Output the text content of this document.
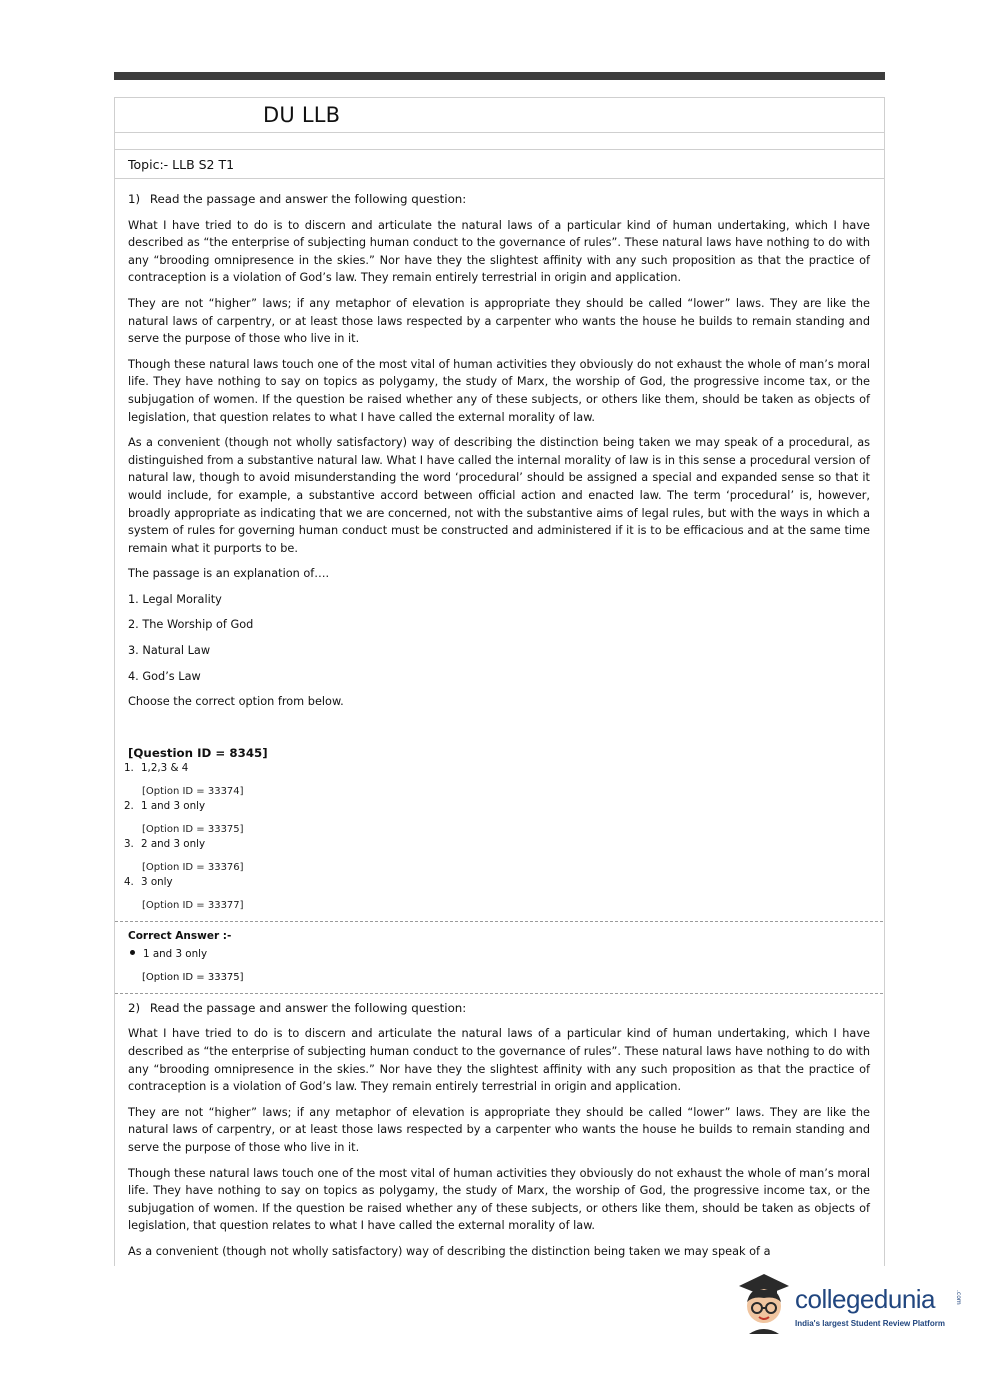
DU LLB
Topic:- LLB S2 T1
1) Read the passage and answer the following question:

What I have tried to do is to discern and articulate the natural laws of a particular kind of human undertaking, which I have described as “the enterprise of subjecting human conduct to the governance of rules”. These natural laws have nothing to do with any “brooding omnipresence in the skies.” Nor have they the slightest affinity with any such proposition as that the practice of contraception is a violation of God’s law. They remain entirely terrestrial in origin and application.

They are not “higher” laws; if any metaphor of elevation is appropriate they should be called “lower” laws. They are like the natural laws of carpentry, or at least those laws respected by a carpenter who wants the house he builds to remain standing and serve the purpose of those who live in it.

Though these natural laws touch one of the most vital of human activities they obviously do not exhaust the whole of man’s moral life. They have nothing to say on topics as polygamy, the study of Marx, the worship of God, the progressive income tax, or the subjugation of women. If the question be raised whether any of these subjects, or others like them, should be taken as objects of legislation, that question relates to what I have called the external morality of law.

As a convenient (though not wholly satisfactory) way of describing the distinction being taken we may speak of a procedural, as distinguished from a substantive natural law. What I have called the internal morality of law is in this sense a procedural version of natural law, though to avoid misunderstanding the word ‘procedural’ should be assigned a special and expanded sense so that it would include, for example, a substantive accord between official action and enacted law. The term ‘procedural’ is, however, broadly appropriate as indicating that we are concerned, not with the substantive aims of legal rules, but with the ways in which a system of rules for governing human conduct must be constructed and administered if it is to be efficacious and at the same time remain what it purports to be.

The passage is an explanation of….

1. Legal Morality

2. The Worship of God

3. Natural Law

4. God’s Law

Choose the correct option from below.

[Question ID = 8345]
1. 1,2,3 & 4
[Option ID = 33374]
2. 1 and 3 only
[Option ID = 33375]
3. 2 and 3 only
[Option ID = 33376]
4. 3 only
[Option ID = 33377]
Correct Answer :-
1 and 3 only
[Option ID = 33375]
2) Read the passage and answer the following question:

What I have tried to do is to discern and articulate the natural laws of a particular kind of human undertaking, which I have described as “the enterprise of subjecting human conduct to the governance of rules”. These natural laws have nothing to do with any “brooding omnipresence in the skies.” Nor have they the slightest affinity with any such proposition as that the practice of contraception is a violation of God’s law. They remain entirely terrestrial in origin and application.

They are not “higher” laws; if any metaphor of elevation is appropriate they should be called “lower” laws. They are like the natural laws of carpentry, or at least those laws respected by a carpenter who wants the house he builds to remain standing and serve the purpose of those who live in it.

Though these natural laws touch one of the most vital of human activities they obviously do not exhaust the whole of man’s moral life. They have nothing to say on topics as polygamy, the study of Marx, the worship of God, the progressive income tax, or the subjugation of women. If the question be raised whether any of these subjects, or others like them, should be taken as objects of legislation, that question relates to what I have called the external morality of law.

As a convenient (though not wholly satisfactory) way of describing the distinction being taken we may speak of a

collegedunia	.com
India's largest Student Review Platform
